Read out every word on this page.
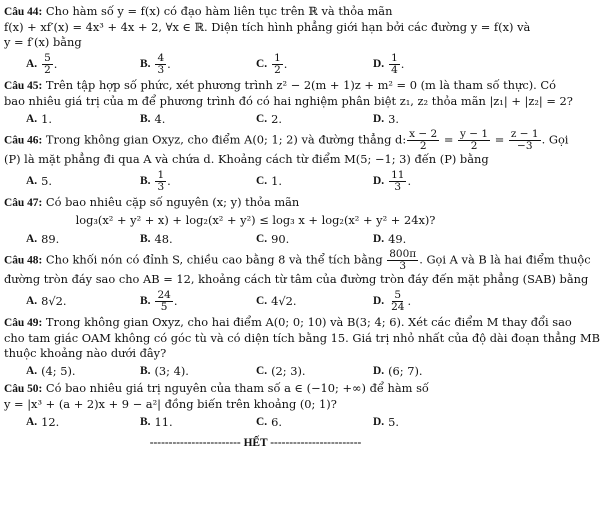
Câu 44: Cho hàm số y = f(x) có đạo hàm liên tục trên ℝ và thỏa mãn
f(x) + xf′(x) = 4x³ + 4x + 2, ∀x ∈ ℝ. Diện tích hình phẳng giới hạn bởi các đường y = f(x) và
y = f′(x) bằng
A. $\frac{5}{2}$ .	B. $\frac{4}{3}$ .	C. $\frac{1}{2}$ .	D. $\frac{1}{4}$ .
Câu 45: Trên tập hợp số phức, xét phương trình z² − 2(m + 1)z + m² = 0 (m là tham số thực). Có
bao nhiêu giá trị của m để phương trình đó có hai nghiệm phân biệt z₁, z₂ thỏa mãn |z₁| + |z₂| = 2?
A. 1.	B. 4.	C. 2.	D. 3.
Câu 46: Trong không gian Oxyz, cho điểm A(0; 1; 2) và đường thẳng d: $\frac{x - 2}{2} = \frac{y - 1}{2} = \frac{z - 1}{-3}$ . Gọi
(P) là mặt phẳng đi qua A và chứa d. Khoảng cách từ điểm M(5; −1; 3) đến (P) bằng
A. 5.	B. $\frac{1}{3}$ .	C. 1.	D. $\frac{11}{3}$ .
Câu 47: Có bao nhiêu cặp số nguyên (x; y) thỏa mãn
log₃(x² + y² + x) + log₂(x² + y²) ≤ log₃ x + log₂(x² + y² + 24x)?
A. 89.	B. 48.	C. 90.	D. 49.
Câu 48: Cho khối nón có đỉnh S, chiều cao bằng 8 và thể tích bằng $\frac{800\pi}{3}$ . Gọi A và B là hai điểm thuộc
đường tròn đáy sao cho AB = 12, khoảng cách từ tâm của đường tròn đáy đến mặt phẳng (SAB) bằng
A. 8√2.	B. $\frac{24}{5}$ .	C. 4√2.	D. $\frac{5}{24}$ .
Câu 49: Trong không gian Oxyz, cho hai điểm A(0; 0; 10) và B(3; 4; 6). Xét các điểm M thay đổi sao
cho tam giác OAM không có góc tù và có diện tích bằng 15. Giá trị nhỏ nhất của độ dài đoạn thẳng MB
thuộc khoảng nào dưới đây?
A. (4; 5).	B. (3; 4).	C. (2; 3).	D. (6; 7).
Câu 50: Có bao nhiêu giá trị nguyên của tham số a ∈ (−10; +∞) để hàm số
y = |x³ + (a + 2)x + 9 − a²| đồng biến trên khoảng (0; 1)?
A. 12.	B. 11.	C. 6.	D. 5.
------------------------ HẾT ------------------------
